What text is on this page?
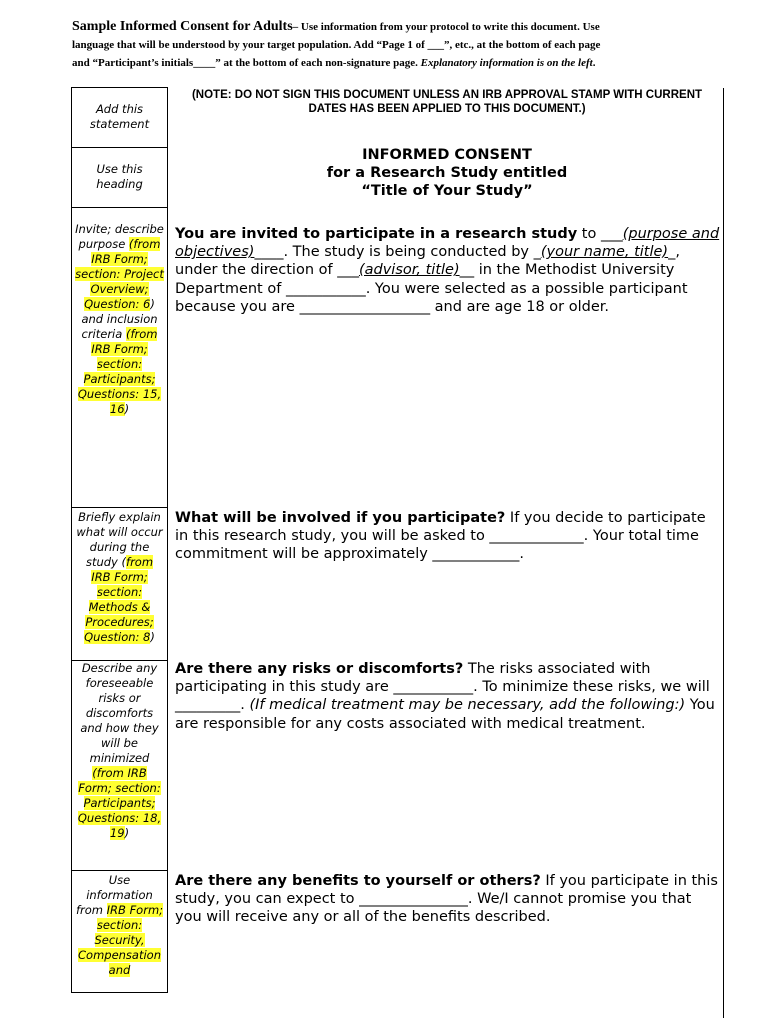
Sample Informed Consent for Adults– Use information from your protocol to write this document. Use
language that will be understood by your target population. Add “Page 1 of ___”, etc., at the bottom of each page
and “Participant’s initials____” at the bottom of each non-signature page. Explanatory information is on the left.
(NOTE: DO NOT SIGN THIS DOCUMENT UNLESS AN IRB APPROVAL STAMP WITH CURRENT DATES HAS BEEN APPLIED TO THIS DOCUMENT.)
Add this statement
Use this heading
Invite; describe purpose (from IRB Form; section: Project Overview; Question: 6) and inclusion criteria (from IRB Form; section: Participants; Questions: 15, 16)
Briefly explain what will occur during the study (from IRB Form; section: Methods & Procedures; Question: 8)
Describe any foreseeable risks or discomforts and how they will be minimized (from IRB Form; section: Participants; Questions: 18, 19)
Use information from IRB Form; section: Security, Compensation and
INFORMED CONSENT
for a Research Study entitled
“Title of Your Study”
You are invited to participate in a research study to ___(purpose and objectives)____. The study is being conducted by _(your name, title)_, under the direction of ___(advisor, title)__ in the Methodist University Department of ___________. You were selected as a possible participant because you are __________________ and are age 18 or older.
What will be involved if you participate? If you decide to participate in this research study, you will be asked to _____________. Your total time commitment will be approximately ____________.
Are there any risks or discomforts? The risks associated with participating in this study are ___________. To minimize these risks, we will _________. (If medical treatment may be necessary, add the following:) You are responsible for any costs associated with medical treatment.
Are there any benefits to yourself or others? If you participate in this study, you can expect to _______________. We/I cannot promise you that you will receive any or all of the benefits described.
